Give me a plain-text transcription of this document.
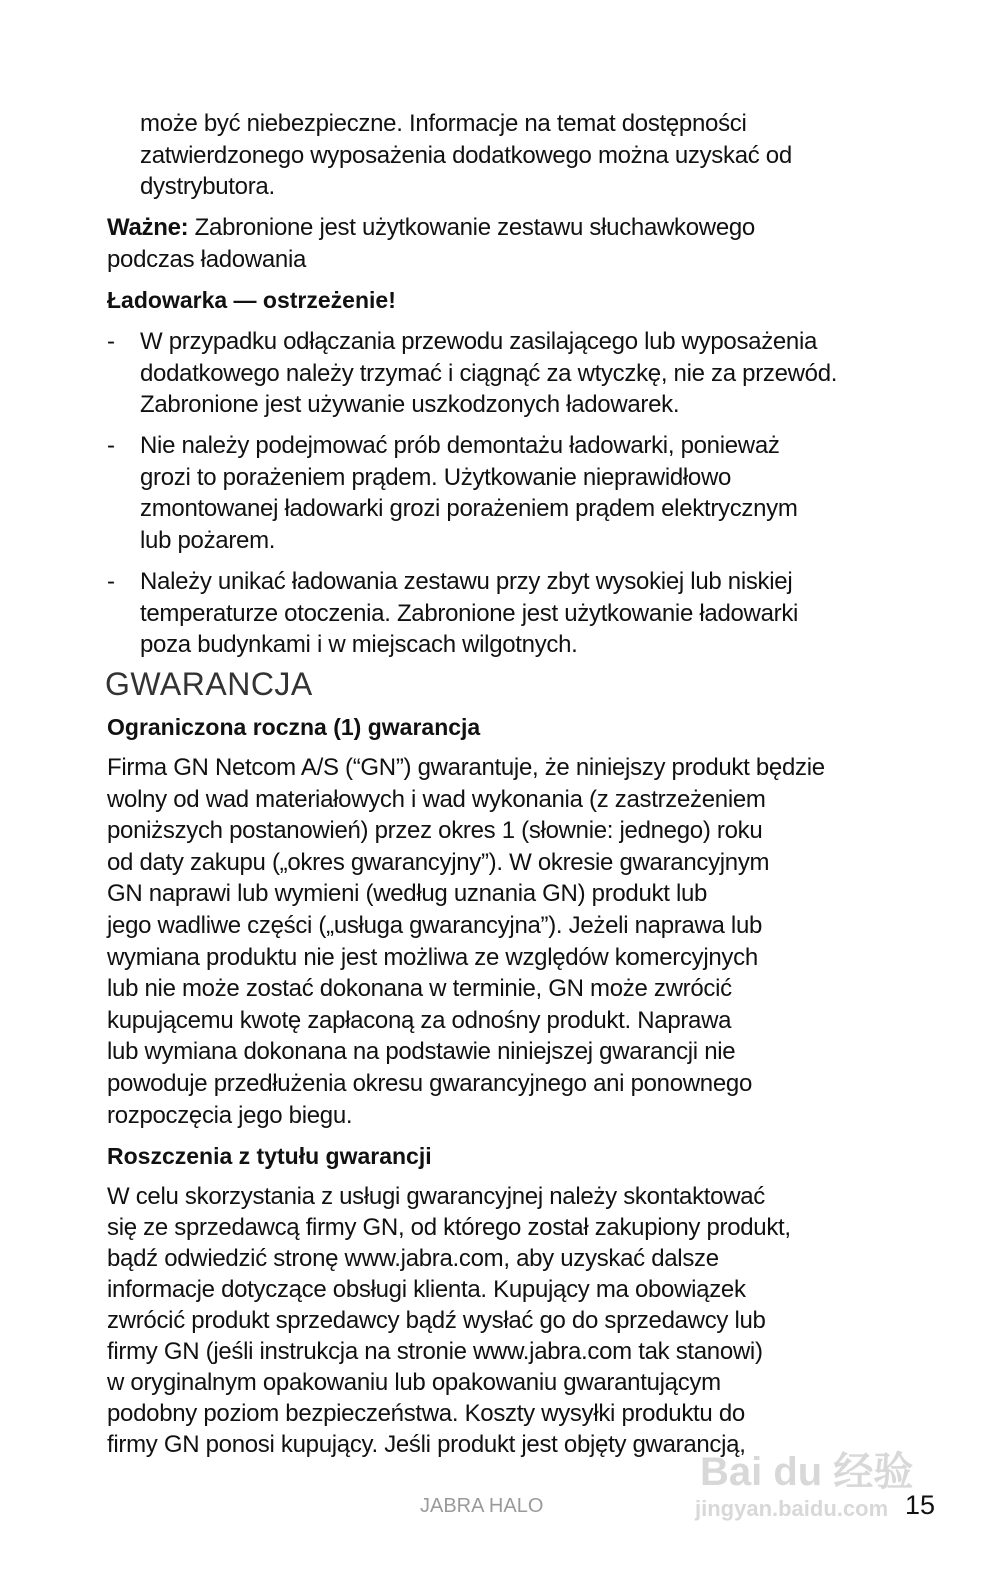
może być niebezpieczne. Informacje na temat dostępności
zatwierdzonego wyposażenia dodatkowego można uzyskać od
dystrybutora.
Ważne: Zabronione jest użytkowanie zestawu słuchawkowego
podczas ładowania
Ładowarka — ostrzeżenie!
- W przypadku odłączania przewodu zasilającego lub wyposażenia
dodatkowego należy trzymać i ciągnąć za wtyczkę, nie za przewód.
Zabronione jest używanie uszkodzonych ładowarek.
- Nie należy podejmować prób demontażu ładowarki, ponieważ
grozi to porażeniem prądem. Użytkowanie nieprawidłowo
zmontowanej ładowarki grozi porażeniem prądem elektrycznym
lub pożarem.
- Należy unikać ładowania zestawu przy zbyt wysokiej lub niskiej
temperaturze otoczenia. Zabronione jest użytkowanie ładowarki
poza budynkami i w miejscach wilgotnych.
GWARANCJA
Ograniczona roczna (1) gwarancja
Firma GN Netcom A/S (“GN”) gwarantuje, że niniejszy produkt będzie
wolny od wad materiałowych i wad wykonania (z zastrzeżeniem
poniższych postanowień) przez okres 1 (słownie: jednego) roku
od daty zakupu („okres gwarancyjny”). W okresie gwarancyjnym
GN naprawi lub wymieni (według uznania GN) produkt lub
jego wadliwe części („usługa gwarancyjna”). Jeżeli naprawa lub
wymiana produktu nie jest możliwa ze względów komercyjnych
lub nie może zostać dokonana w terminie, GN może zwrócić
kupującemu kwotę zapłaconą za odnośny produkt. Naprawa
lub wymiana dokonana na podstawie niniejszej gwarancji nie
powoduje przedłużenia okresu gwarancyjnego ani ponownego
rozpoczęcia jego biegu.
Roszczenia z tytułu gwarancji
W celu skorzystania z usługi gwarancyjnej należy skontaktować
się ze sprzedawcą firmy GN, od którego został zakupiony produkt,
bądź odwiedzić stronę www.jabra.com, aby uzyskać dalsze
informacje dotyczące obsługi klienta. Kupujący ma obowiązek
zwrócić produkt sprzedawcy bądź wysłać go do sprzedawcy lub
firmy GN (jeśli instrukcja na stronie www.jabra.com tak stanowi)
w oryginalnym opakowaniu lub opakowaniu gwarantującym
podobny poziom bezpieczeństwa. Koszty wysyłki produktu do
firmy GN ponosi kupujący. Jeśli produkt jest objęty gwarancją,
Bai du 经验
jingyan.baidu.com
JABRA HALO	15
